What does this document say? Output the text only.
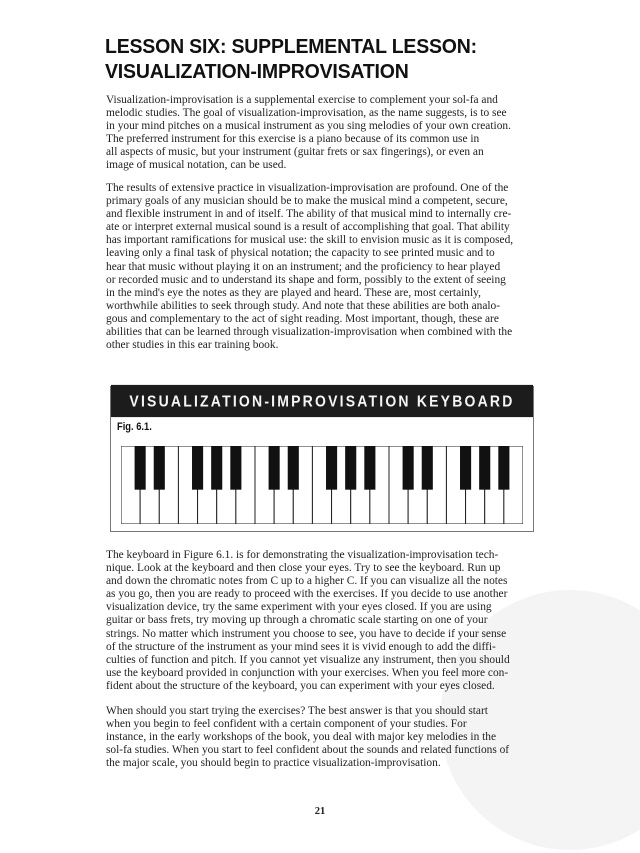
LESSON SIX: SUPPLEMENTAL LESSON:
VISUALIZATION-IMPROVISATION
Visualization-improvisation is a supplemental exercise to complement your sol-fa and
melodic studies. The goal of visualization-improvisation, as the name suggests, is to see
in your mind pitches on a musical instrument as you sing melodies of your own creation.
The preferred instrument for this exercise is a piano because of its common use in
all aspects of music, but your instrument (guitar frets or sax fingerings), or even an
image of musical notation, can be used.
The results of extensive practice in visualization-improvisation are profound. One of the
primary goals of any musician should be to make the musical mind a competent, secure,
and flexible instrument in and of itself. The ability of that musical mind to internally cre-
ate or interpret external musical sound is a result of accomplishing that goal. That ability
has important ramifications for musical use: the skill to envision music as it is composed,
leaving only a final task of physical notation; the capacity to see printed music and to
hear that music without playing it on an instrument; and the proficiency to hear played
or recorded music and to understand its shape and form, possibly to the extent of seeing
in the mind's eye the notes as they are played and heard. These are, most certainly,
worthwhile abilities to seek through study. And note that these abilities are both analo-
gous and complementary to the act of sight reading. Most important, though, these are
abilities that can be learned through visualization-improvisation when combined with the
other studies in this ear training book.
VISUALIZATION-IMPROVISATION KEYBOARD
Fig. 6.1.
The keyboard in Figure 6.1. is for demonstrating the visualization-improvisation tech-
nique. Look at the keyboard and then close your eyes. Try to see the keyboard. Run up
and down the chromatic notes from C up to a higher C. If you can visualize all the notes
as you go, then you are ready to proceed with the exercises. If you decide to use another
visualization device, try the same experiment with your eyes closed. If you are using
guitar or bass frets, try moving up through a chromatic scale starting on one of your
strings. No matter which instrument you choose to see, you have to decide if your sense
of the structure of the instrument as your mind sees it is vivid enough to add the diffi-
culties of function and pitch. If you cannot yet visualize any instrument, then you should
use the keyboard provided in conjunction with your exercises. When you feel more con-
fident about the structure of the keyboard, you can experiment with your eyes closed.
When should you start trying the exercises? The best answer is that you should start
when you begin to feel confident with a certain component of your studies. For
instance, in the early workshops of the book, you deal with major key melodies in the
sol-fa studies. When you start to feel confident about the sounds and related functions of
the major scale, you should begin to practice visualization-improvisation.
21
